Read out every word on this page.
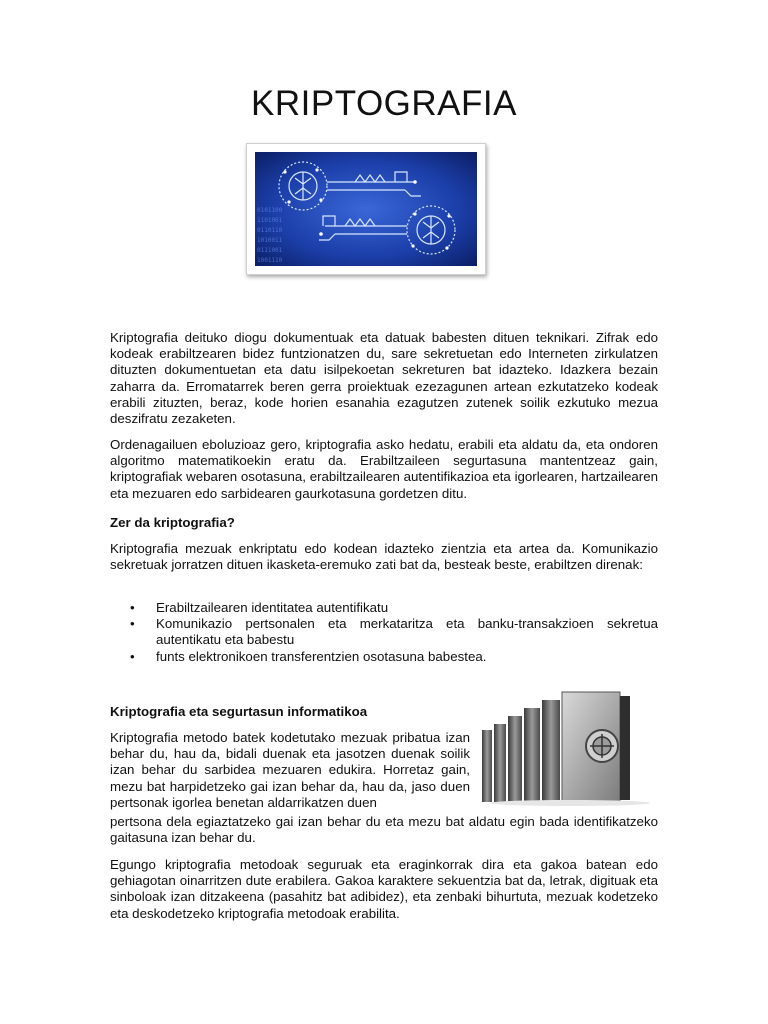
KRIPTOGRAFIA
0101100
1101001
0110110
1010011
0111001
1001110

Kriptografia deituko diogu dokumentuak eta datuak babesten dituen teknikari. Zifrak edo kodeak erabiltzearen bidez funtzionatzen du, sare sekretuetan edo Interneten zirkulatzen dituzten dokumentuetan eta datu isilpekoetan sekreturen bat idazteko. Idazkera bezain zaharra da. Erromatarrek beren gerra proiektuak ezezagunen artean ezkutatzeko kodeak erabili zituzten, beraz, kode horien esanahia ezagutzen zutenek soilik ezkutuko mezua deszifratu zezaketen.

Ordenagailuen eboluzioaz gero, kriptografia asko hedatu, erabili eta aldatu da, eta ondoren algoritmo matematikoekin eratu da. Erabiltzaileen segurtasuna mantentzeaz gain, kriptografiak webaren osotasuna, erabiltzailearen autentifikazioa eta igorlearen, hartzailearen eta mezuaren edo sarbidearen gaurkotasuna gordetzen ditu.

Zer da kriptografia?

Kriptografia mezuak enkriptatu edo kodean idazteko zientzia eta artea da. Komunikazio sekretuak jorratzen dituen ikasketa-eremuko zati bat da, besteak beste, erabiltzen direnak:

• Erabiltzailearen identitatea autentifikatu
• Komunikazio pertsonalen eta merkataritza eta banku-transakzioen sekretua autentikatu eta babestu
• funts elektronikoen transferentzien osotasuna babestea.

Kriptografia eta segurtasun informatikoa

Kriptografia metodo batek kodetutako mezuak pribatua izan behar du, hau da, bidali duenak eta jasotzen duenak soilik izan behar du sarbidea mezuaren edukira. Horretaz gain, mezu bat harpidetzeko gai izan behar da, hau da, jaso duen pertsonak igorlea benetan aldarrikatzen duen

pertsona dela egiaztatzeko gai izan behar du eta mezu bat aldatu egin bada identifikatzeko gaitasuna izan behar du.

Egungo kriptografia metodoak seguruak eta eraginkorrak dira eta gakoa batean edo gehiagotan oinarritzen dute erabilera. Gakoa karaktere sekuentzia bat da, letrak, digituak eta sinboloak izan ditzakeena (pasahitz bat adibidez), eta zenbaki bihurtuta, mezuak kodetzeko eta deskodetzeko kriptografia metodoak erabilita.
